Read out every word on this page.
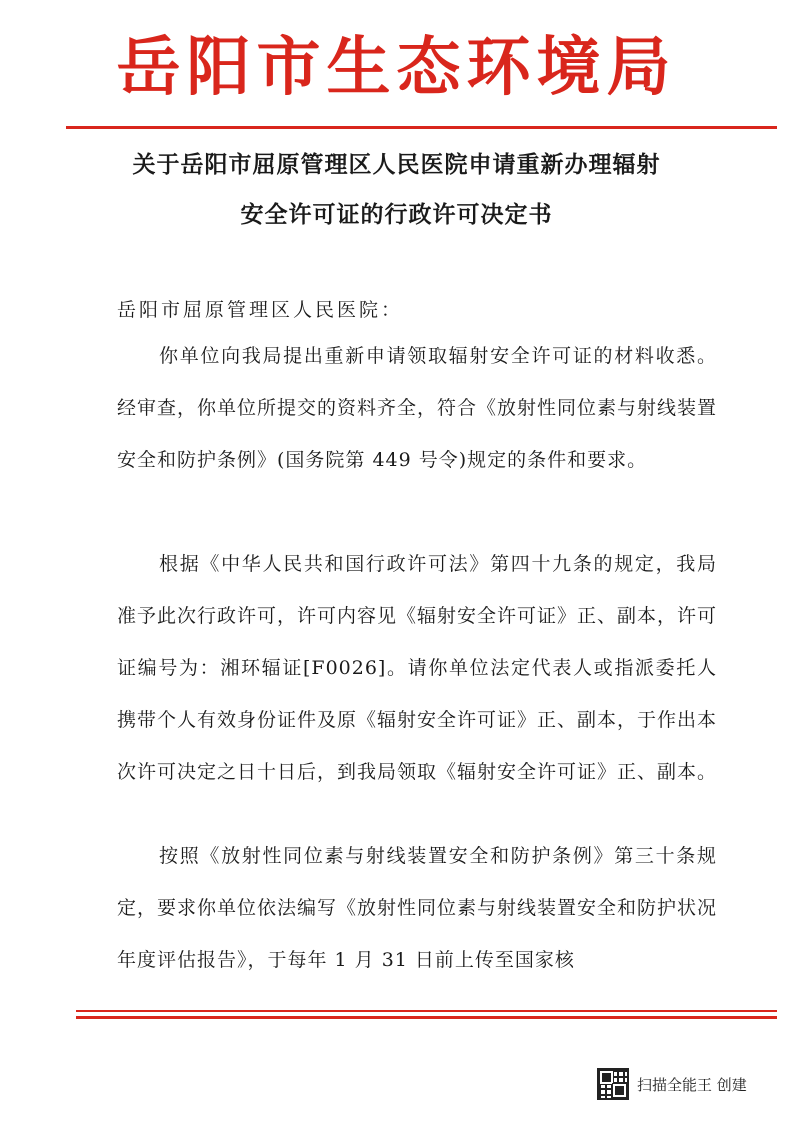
岳阳市生态环境局
关于岳阳市屈原管理区人民医院申请重新办理辐射
安全许可证的行政许可决定书
岳阳市屈原管理区人民医院：
你单位向我局提出重新申请领取辐射安全许可证的材料收悉。经审查，你单位所提交的资料齐全，符合《放射性同位素与射线装置安全和防护条例》(国务院第 449 号令)规定的条件和要求。
根据《中华人民共和国行政许可法》第四十九条的规定，我局准予此次行政许可，许可内容见《辐射安全许可证》正、副本，许可证编号为：湘环辐证[F0026]。请你单位法定代表人或指派委托人携带个人有效身份证件及原《辐射安全许可证》正、副本，于作出本次许可决定之日十日后，到我局领取《辐射安全许可证》正、副本。
按照《放射性同位素与射线装置安全和防护条例》第三十条规定，要求你单位依法编写《放射性同位素与射线装置安全和防护状况年度评估报告》，于每年 1 月 31 日前上传至国家核
扫描全能王 创建
